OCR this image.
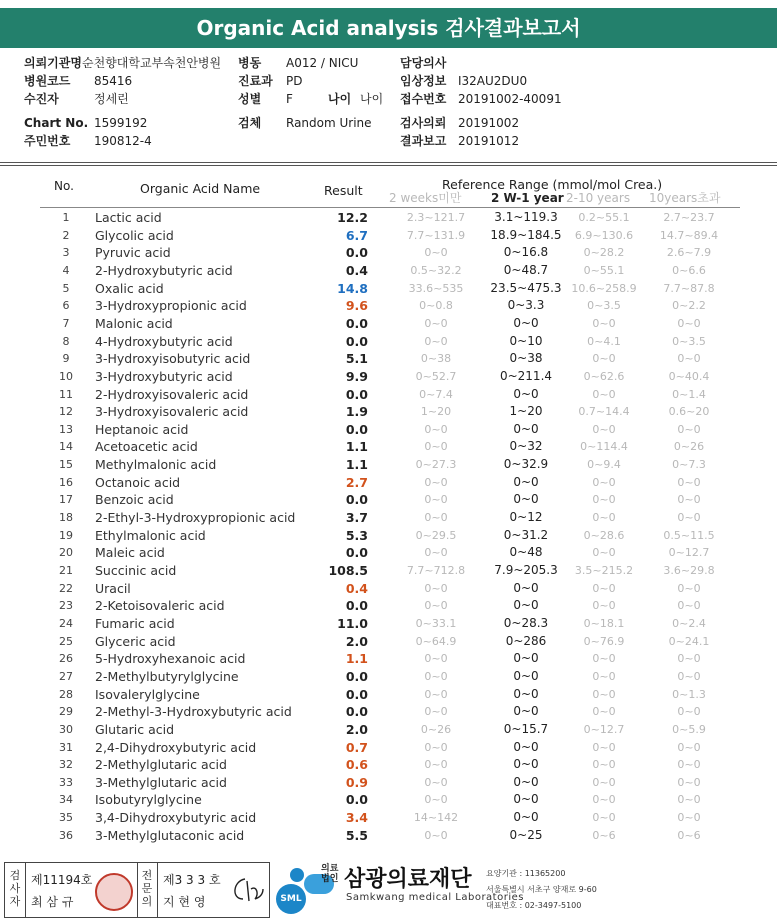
Organic Acid analysis 검사결과보고서
의뢰기관명 순천향대학교부속천안병원 병동 A012 / NICU	담당의사
병원코드 85416	진료과 PD	임상정보 I32AU2DU0
수진자	정세린	성별 F	나이 나이 접수번호 20191002-40091
Chart No. 1599192	검체 Random Urine 검사의뢰 20191002
주민번호 190812-4	결과보고 20191012
No.	Organic Acid Name	Result	Reference Range (mmol/mol Crea.)
2 weeks미만 2 W-1 year 2-10 years 10years초과
1	Lactic acid	12.2	2.3~121.7	3.1~119.3	0.2~55.1	2.7~23.7
2	Glycolic acid	6.7	7.7~131.9	18.9~184.5	6.9~130.6	14.7~89.4
3	Pyruvic acid	0.0	0~0	0~16.8	0~28.2	2.6~7.9
4	2-Hydroxybutyric acid	0.4	0.5~32.2	0~48.7	0~55.1	0~6.6
5	Oxalic acid	14.8	33.6~535	23.5~475.3 10.6~258.9	7.7~87.8
6	3-Hydroxypropionic acid	9.6	0~0.8	0~3.3	0~3.5	0~2.2
7	Malonic acid	0.0	0~0	0~0	0~0	0~0
8	4-Hydroxybutyric acid	0.0	0~0	0~10	0~4.1	0~3.5
9	3-Hydroxyisobutyric acid	5.1	0~38	0~38	0~0	0~0
10	3-Hydroxybutyric acid	9.9	0~52.7	0~211.4	0~62.6	0~40.4
11	2-Hydroxyisovaleric acid	0.0	0~7.4	0~0	0~0	0~1.4
12	3-Hydroxyisovaleric acid	1.9	1~20	1~20	0.7~14.4	0.6~20
13	Heptanoic acid	0.0	0~0	0~0	0~0	0~0
14	Acetoacetic acid	1.1	0~0	0~32	0~114.4	0~26
15	Methylmalonic acid	1.1	0~27.3	0~32.9	0~9.4	0~7.3
16	Octanoic acid	2.7	0~0	0~0	0~0	0~0
17	Benzoic acid	0.0	0~0	0~0	0~0	0~0
18	2-Ethyl-3-Hydroxypropionic acid	3.7	0~0	0~12	0~0	0~0
19	Ethylmalonic acid	5.3	0~29.5	0~31.2	0~28.6	0.5~11.5
20	Maleic acid	0.0	0~0	0~48	0~0	0~12.7
21	Succinic acid	108.5	7.7~712.8	7.9~205.3	3.5~215.2	3.6~29.8
22	Uracil	0.4	0~0	0~0	0~0	0~0
23	2-Ketoisovaleric acid	0.0	0~0	0~0	0~0	0~0
24	Fumaric acid	11.0	0~33.1	0~28.3	0~18.1	0~2.4
25	Glyceric acid	2.0	0~64.9	0~286	0~76.9	0~24.1
26	5-Hydroxyhexanoic acid	1.1	0~0	0~0	0~0	0~0
27	2-Methylbutyrylglycine	0.0	0~0	0~0	0~0	0~0
28	Isovalerylglycine	0.0	0~0	0~0	0~0	0~1.3
29	2-Methyl-3-Hydroxybutyric acid	0.0	0~0	0~0	0~0	0~0
30	Glutaric acid	2.0	0~26	0~15.7	0~12.7	0~5.9
31	2,4-Dihydroxybutyric acid	0.7	0~0	0~0	0~0	0~0
32	2-Methylglutaric acid	0.6	0~0	0~0	0~0	0~0
33	3-Methylglutaric acid	0.9	0~0	0~0	0~0	0~0
34	Isobutyrylglycine	0.0	0~0	0~0	0~0	0~0
35	3,4-Dihydroxybutyric acid	3.4	14~142	0~0	0~0	0~0
36	3-Methylglutaconic acid	5.5	0~0	0~25	0~6	0~6
검사자
제11194호
최 삼 규
전문의
제3 3 3 호
지 현 영	SML
의료법인 삼광의료재단
Samkwang medical Laboratories
요양기관 : 11365200
서울특별시 서초구 양재로 9-60
대표번호 : 02-3497-5100
